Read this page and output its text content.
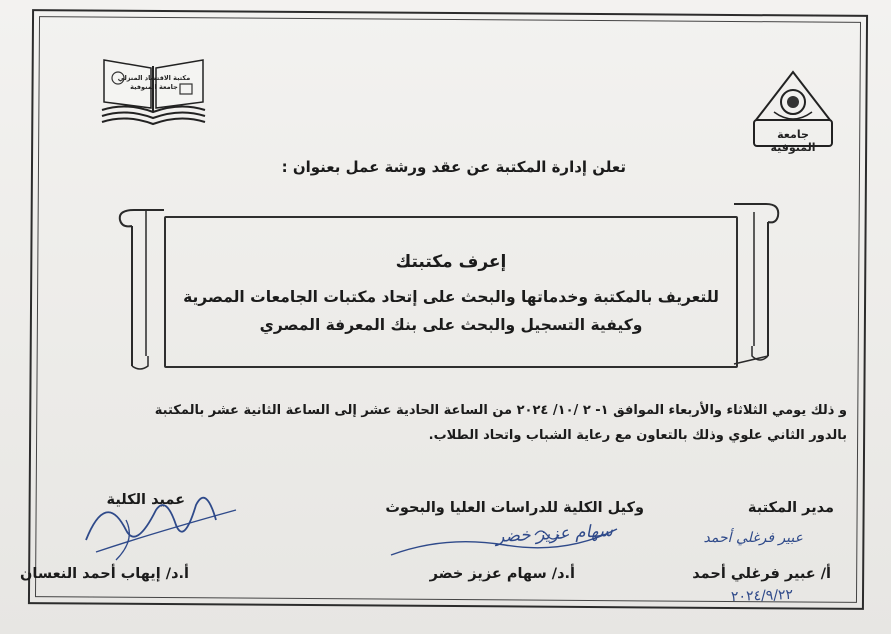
جامعة المنوفية
مكتبة الاقتصاد المنزلي جامعة المنوفية
تعلن إدارة المكتبة عن عقد ورشة عمل بعنوان :
إعرف مكتبتك
للتعريف بالمكتبة وخدماتها والبحث على إتحاد مكتبات الجامعات المصرية
وكيفية التسجيل والبحث على بنك المعرفة المصري
و ذلك يومي الثلاثاء والأربعاء الموافق ١- ٢ /١٠/ ٢٠٢٤ من الساعة الحادية عشر إلى الساعة الثانية عشر بالمكتبة
بالدور الثاني علوي وذلك بالتعاون مع رعاية الشباب واتحاد الطلاب.
مدير المكتبة
عبير فرغلي أحمد
أ/ عبير فرغلي أحمد
٢٠٢٤/٩/٢٢
وكيل الكلية للدراسات العليا والبحوث
سهام عزيز خضر
أ.د/ سهام عزيز خضر
عميد الكلية
أ.د/ إيهاب أحمد النعسان
